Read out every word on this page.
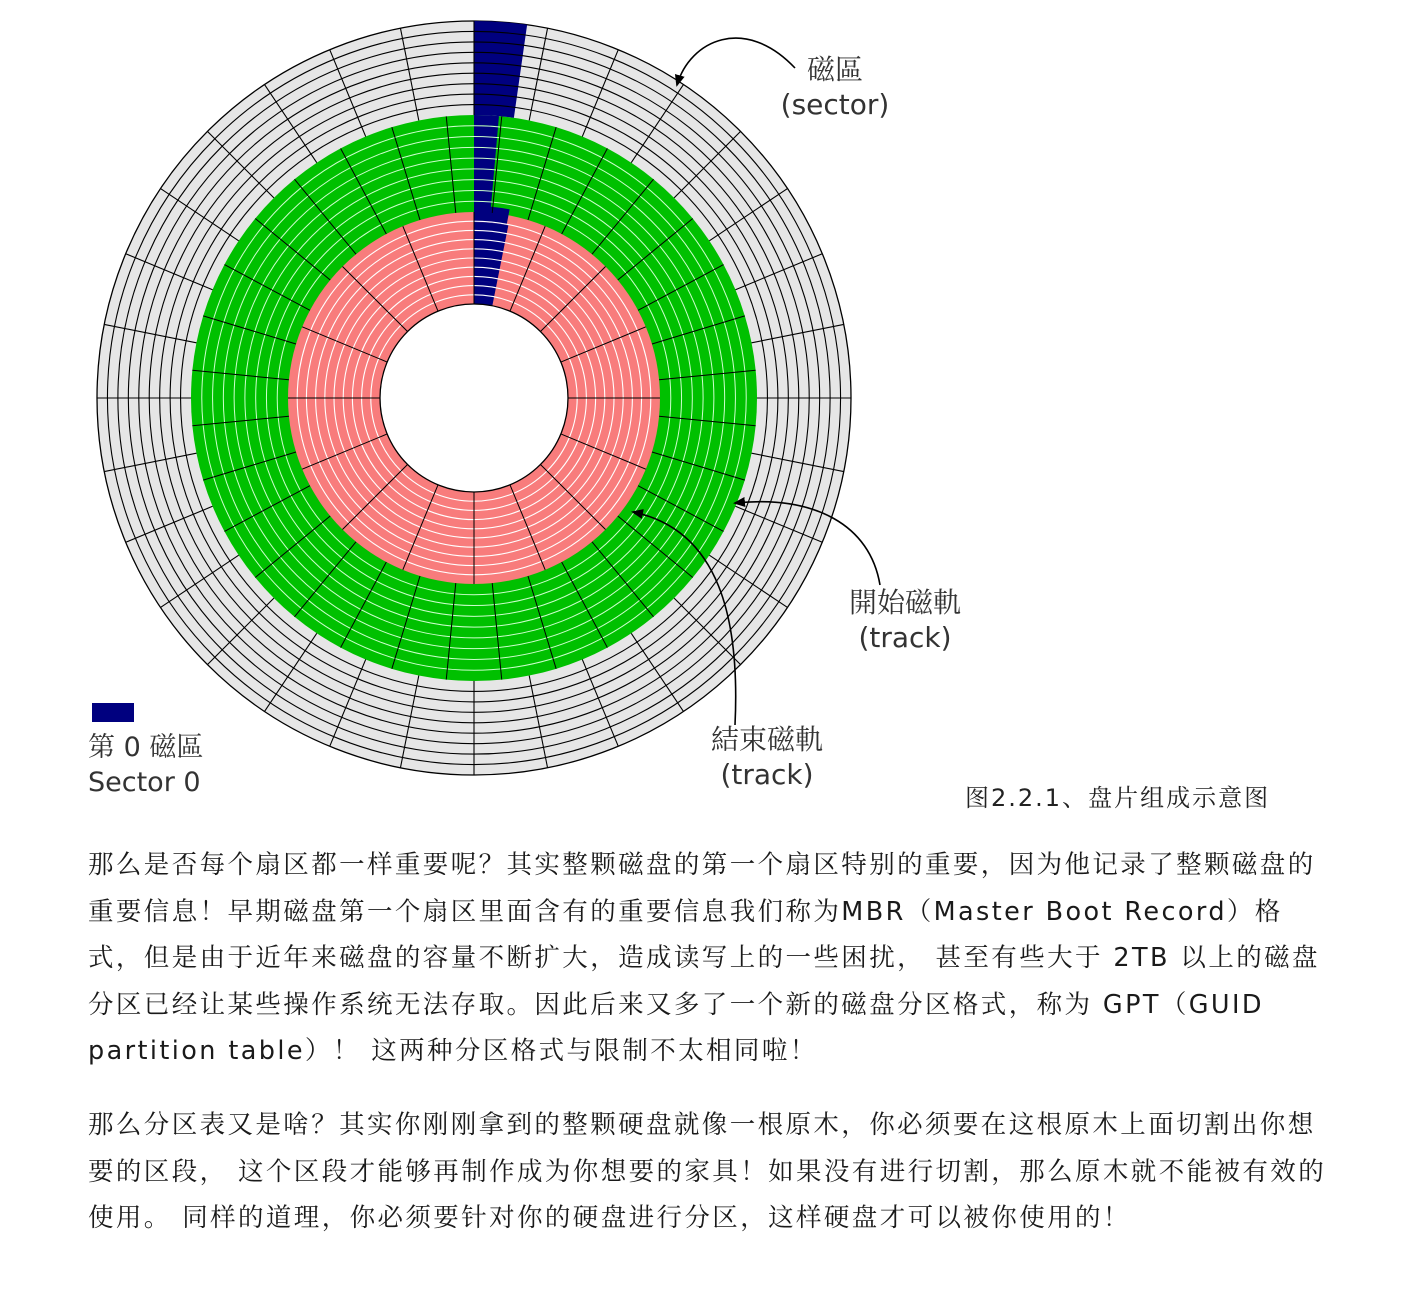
磁區
(sector)
開始磁軌
(track)
結束磁軌
(track)
第 0 磁區
Sector 0	图2.2.1、盘片组成示意图

那么是否每个扇区都一样重要呢？其实整颗磁盘的第一个扇区特别的重要，因为他记录了整颗磁盘的重要信息！早期磁盘第一个扇区里面含有的重要信息我们称为MBR（Master Boot Record）格式，但是由于近年来磁盘的容量不断扩大，造成读写上的一些困扰， 甚至有些大于 2TB 以上的磁盘分区已经让某些操作系统无法存取。因此后来又多了一个新的磁盘分区格式，称为 GPT（GUID partition table）！ 这两种分区格式与限制不太相同啦！

那么分区表又是啥？其实你刚刚拿到的整颗硬盘就像一根原木，你必须要在这根原木上面切割出你想要的区段， 这个区段才能够再制作成为你想要的家具！如果没有进行切割，那么原木就不能被有效的使用。 同样的道理，你必须要针对你的硬盘进行分区，这样硬盘才可以被你使用的！
